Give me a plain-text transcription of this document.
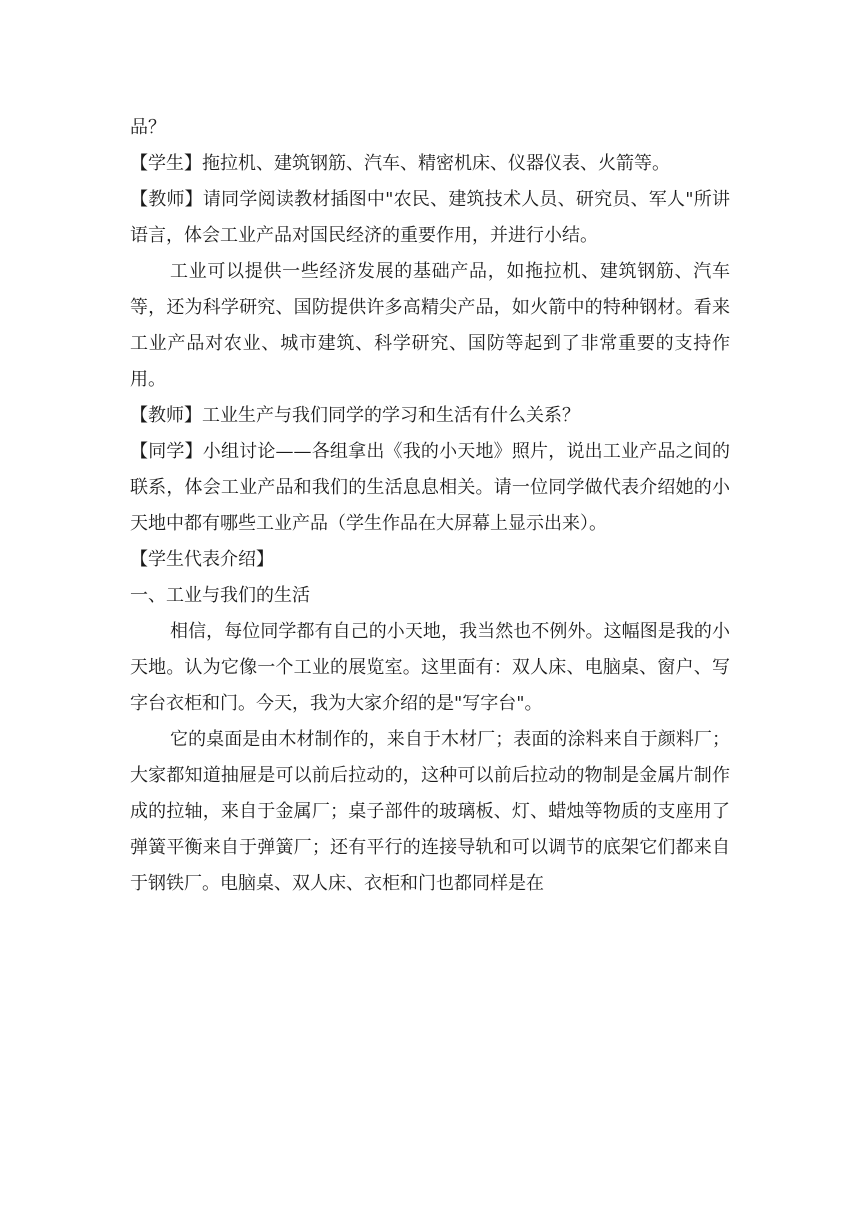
品？

【学生】拖拉机、建筑钢筋、汽车、精密机床、仪器仪表、火箭等。

【教师】请同学阅读教材插图中"农民、建筑技术人员、研究员、军人"所讲语言，体会工业产品对国民经济的重要作用，并进行小结。

工业可以提供一些经济发展的基础产品，如拖拉机、建筑钢筋、汽车等，还为科学研究、国防提供许多高精尖产品，如火箭中的特种钢材。看来工业产品对农业、城市建筑、科学研究、国防等起到了非常重要的支持作用。

【教师】工业生产与我们同学的学习和生活有什么关系？

【同学】小组讨论——各组拿出《我的小天地》照片，说出工业产品之间的联系，体会工业产品和我们的生活息息相关。请一位同学做代表介绍她的小天地中都有哪些工业产品（学生作品在大屏幕上显示出来）。

【学生代表介绍】

一、工业与我们的生活

相信，每位同学都有自己的小天地，我当然也不例外。这幅图是我的小天地。认为它像一个工业的展览室。这里面有：双人床、电脑桌、窗户、写字台衣柜和门。今天，我为大家介绍的是"写字台"。

它的桌面是由木材制作的，来自于木材厂；表面的涂料来自于颜料厂；大家都知道抽屉是可以前后拉动的，这种可以前后拉动的物制是金属片制作成的拉轴，来自于金属厂；桌子部件的玻璃板、灯、蜡烛等物质的支座用了弹簧平衡来自于弹簧厂；还有平行的连接导轨和可以调节的底架它们都来自于钢铁厂。电脑桌、双人床、衣柜和门也都同样是在
